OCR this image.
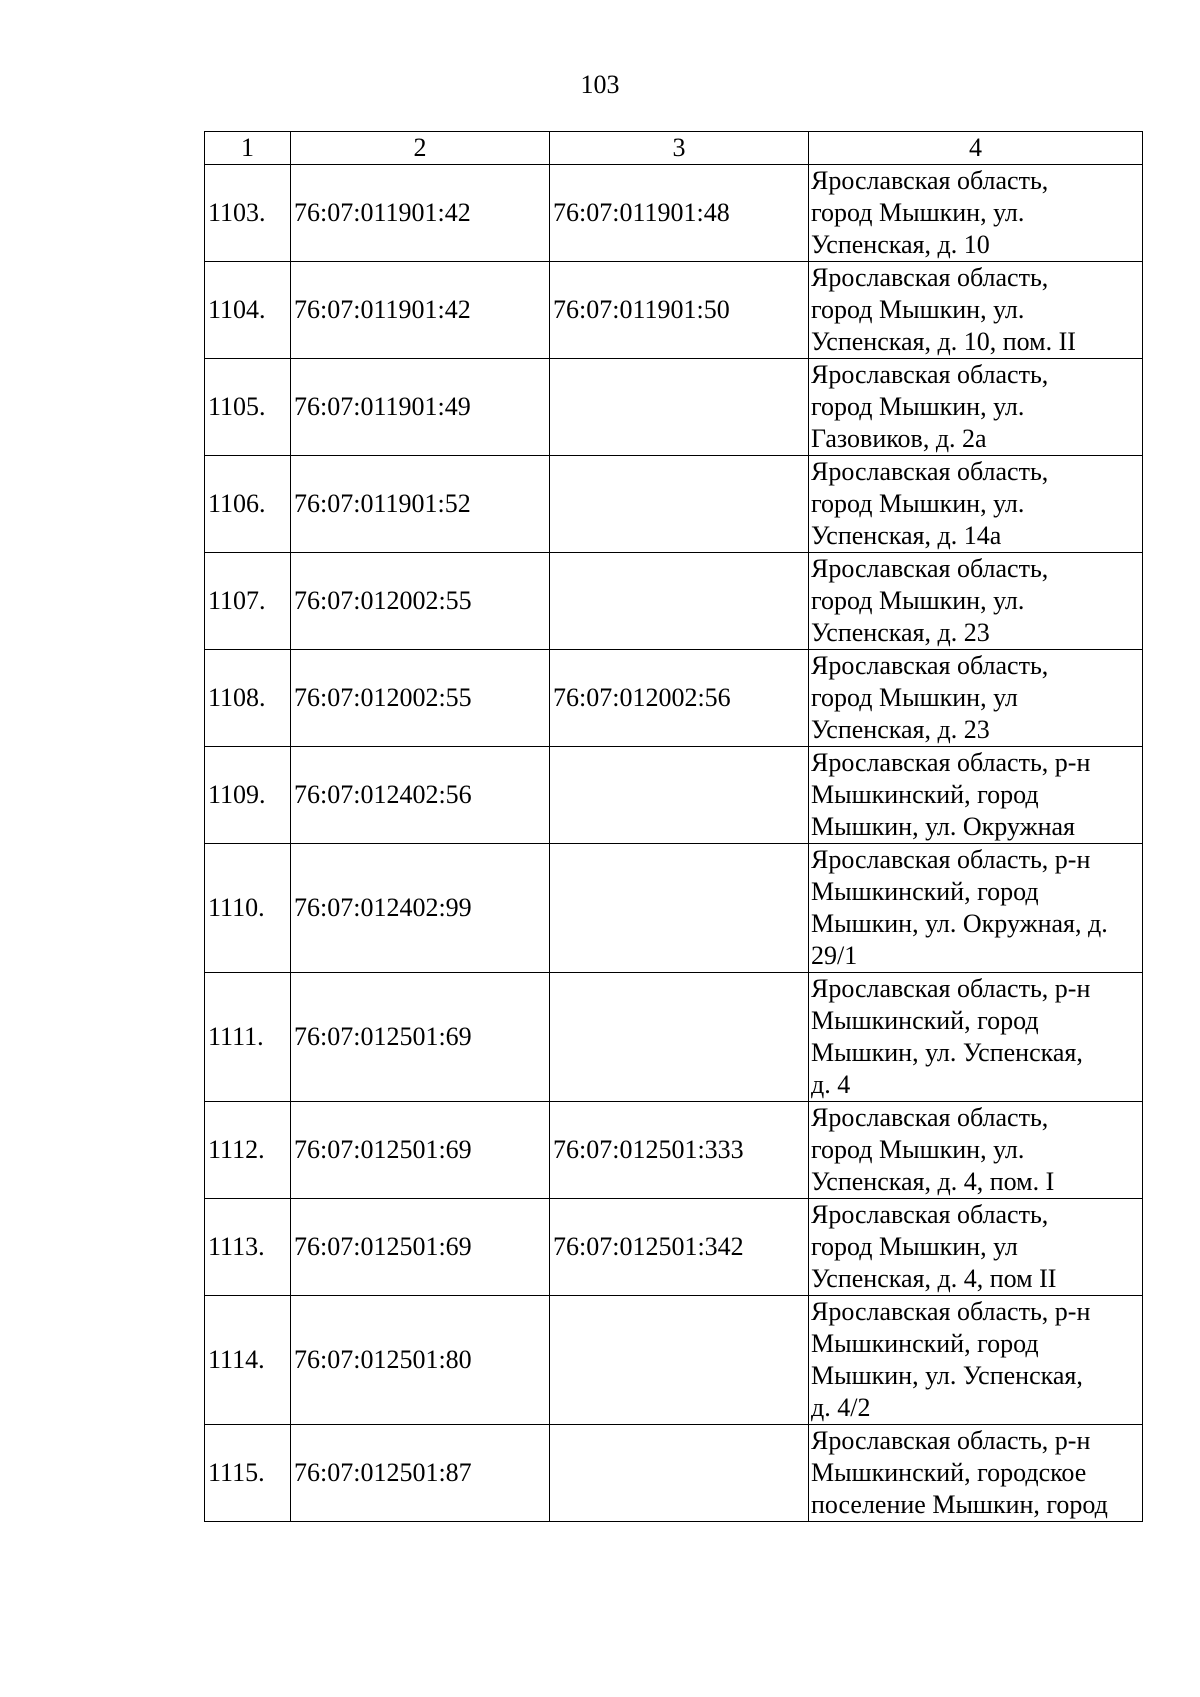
103
1	2	3	4
1103.	76:07:011901:42	76:07:011901:48	Ярославская область,
город Мышкин, ул.
Успенская, д. 10
1104.	76:07:011901:42	76:07:011901:50	Ярославская область,
город Мышкин, ул.
Успенская, д. 10, пом. II
1105.	76:07:011901:49		Ярославская область,
город Мышкин, ул.
Газовиков, д. 2а
1106.	76:07:011901:52		Ярославская область,
город Мышкин, ул.
Успенская, д. 14а
1107.	76:07:012002:55		Ярославская область,
город Мышкин, ул.
Успенская, д. 23
1108.	76:07:012002:55	76:07:012002:56	Ярославская область,
город Мышкин, ул
Успенская, д. 23
1109.	76:07:012402:56		Ярославская область, р-н
Мышкинский, город
Мышкин, ул. Окружная
1110.	76:07:012402:99		Ярославская область, р-н
Мышкинский, город
Мышкин, ул. Окружная, д.
29/1
1111.	76:07:012501:69		Ярославская область, р-н
Мышкинский, город
Мышкин, ул. Успенская,
д. 4
1112.	76:07:012501:69	76:07:012501:333	Ярославская область,
город Мышкин, ул.
Успенская, д. 4, пом. I
1113.	76:07:012501:69	76:07:012501:342	Ярославская область,
город Мышкин, ул
Успенская, д. 4, пом II
1114.	76:07:012501:80		Ярославская область, р-н
Мышкинский, город
Мышкин, ул. Успенская,
д. 4/2
1115.	76:07:012501:87		Ярославская область, р-н
Мышкинский, городское
поселение Мышкин, город
